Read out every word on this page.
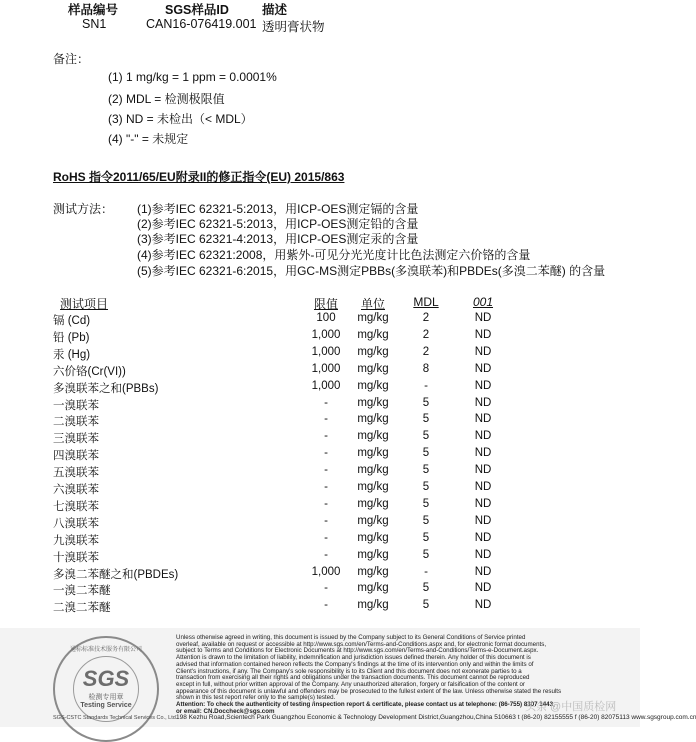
样品编号	SGS样品ID	描述
SN1	CAN16-076419.001 透明膏状物
备注：
(1) 1 mg/kg = 1 ppm = 0.0001%
(2) MDL = 检测极限值
(3) ND = 未检出（< MDL）
(4) "-" = 未规定
RoHS 指令2011/65/EU附录II的修正指令(EU) 2015/863
测试方法： (1)参考IEC 62321-5:2013，用ICP-OES测定镉的含量
(2)参考IEC 62321-5:2013，用ICP-OES测定铅的含量
(3)参考IEC 62321-4:2013，用ICP-OES测定汞的含量
(4)参考IEC 62321:2008，用紫外-可见分光光度计比色法测定六价铬的含量
(5)参考IEC 62321-6:2015，用GC-MS测定PBBs(多溴联苯)和PBDEs(多溴二苯醚) 的含量
测试项目	限值	单位	MDL	001
镉 (Cd)	100	mg/kg	2	ND
铅 (Pb)	1,000	mg/kg	2	ND
汞 (Hg)	1,000	mg/kg	2	ND
六价铬(Cr(VI))	1,000	mg/kg	8	ND
多溴联苯之和(PBBs)	1,000	mg/kg	-	ND
一溴联苯	-	mg/kg	5	ND
二溴联苯	-	mg/kg	5	ND
三溴联苯	-	mg/kg	5	ND
四溴联苯	-	mg/kg	5	ND
五溴联苯	-	mg/kg	5	ND
六溴联苯	-	mg/kg	5	ND
七溴联苯	-	mg/kg	5	ND
八溴联苯	-	mg/kg	5	ND
九溴联苯	-	mg/kg	5	ND
十溴联苯	-	mg/kg	5	ND
多溴二苯醚之和(PBDEs)	1,000	mg/kg	-	ND
一溴二苯醚	-	mg/kg	5	ND
二溴二苯醚	-	mg/kg	5	ND
通标标准技术服务有限公司
SGS
检测专用章
Testing Service
Unless otherwise agreed in writing, this document is issued by the Company subject to its General Conditions of Service printed
overleaf, available on request or accessible at http://www.sgs.com/en/Terms-and-Conditions.aspx and, for electronic format documents,
subject to Terms and Conditions for Electronic Documents at http://www.sgs.com/en/Terms-and-Conditions/Terms-e-Document.aspx.
Attention is drawn to the limitation of liability, indemnification and jurisdiction issues defined therein. Any holder of this document is
advised that information contained hereon reflects the Company's findings at the time of its intervention only and within the limits of
Client's instructions, if any. The Company's sole responsibility is to its Client and this document does not exonerate parties to a
transaction from exercising all their rights and obligations under the transaction documents. This document cannot be reproduced
except in full, without prior written approval of the Company. Any unauthorized alteration, forgery or falsification of the content or
appearance of this document is unlawful and offenders may be prosecuted to the fullest extent of the law. Unless otherwise stated the results
shown in this test report refer only to the sample(s) tested.
Attention: To check the authenticity of testing /inspection report & certificate, please contact us at telephone: (86-755) 8307 1443,
or email: CN.Doccheck@sgs.com
SGS-CSTC Standards Technical Services Co., Ltd.
198 Kezhu Road,Scientech Park Guangzhou Economic & Technology Development District,Guangzhou,China 510663 t (86-20) 82155555 f (86-20) 82075113 www.sgsgroup.com.cn
头条 @中国质检网
